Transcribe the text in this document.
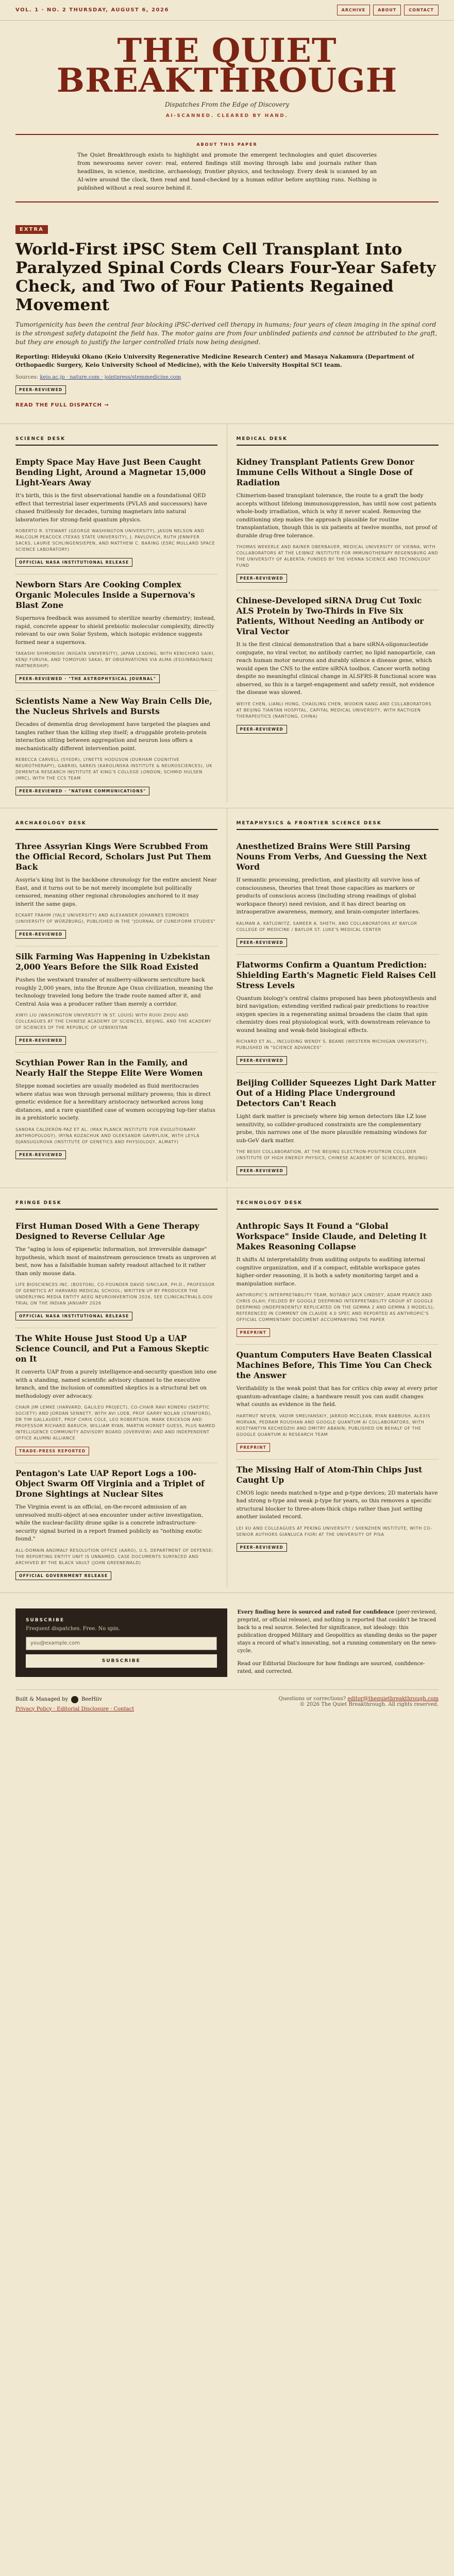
VOL. 1 · NO. 2 THURSDAY, AUGUST 6, 2026	ARCHIVE	ABOUT	CONTACT
THE QUIET
BREAKTHROUGH
Dispatches From the Edge of Discovery
AI-SCANNED. CLEARED BY HAND.
ABOUT THIS PAPER

The Quiet Breakthrough exists to highlight and promote the emergent technologies and quiet discoveries from newsrooms never cover: real, entered findings still moving through labs and journals rather than headlines, in science, medicine, archaeology, frontier physics, and technology. Every desk is scanned by an AI-wire around the clock, then read and hand-checked by a human editor before anything runs. Nothing is published without a real source behind it.

EXTRA
World-First iPSC Stem Cell Transplant Into Paralyzed Spinal Cords Clears Four-Year Safety Check, and Two of Four Patients Regained Movement

Tumorigenicity has been the central fear blocking iPSC-derived cell therapy in humans; four years of clean imaging in the spinal cord is the strongest safety datapoint the field has. The motor gains are from four unblinded patients and cannot be attributed to the graft, but they are enough to justify the larger controlled trials now being designed.

Reporting: Hideyuki Okano (Keio University Regenerative Medicine Research Center) and Masaya Nakamura (Department of Orthopaedic Surgery, Keio University School of Medicine), with the Keio University Hospital SCI team.

Sources: keio.ac.jp · nature.com · jointpress/stemmedicine.com

PEER-REVIEWED
READ THE FULL DISPATCH →
SCIENCE DESK
Empty Space May Have Just Been Caught Bending Light, Around a Magnetar 15,000 Light-Years Away

It's birth, this is the first observational handle on a foundational QED effect that terrestrial laser experiments (PVLAS and successors) have chased fruitlessly for decades, turning magnetars into natural laboratories for strong-field quantum physics.

ROBERTO R. STEWART (GEORGE WASHINGTON UNIVERSITY), JASON NELSON AND MALCOLM PEACOCK (TEXAS STATE UNIVERSITY), J. PAVLOVICH, RUTH JENNIFER SACKS, LAURIE SCHLINGENSIEPEN, AND MATTHEW C. BARING (ESRC MULLARD SPACE SCIENCE LABORATORY)
OFFICIAL NASA INSTITUTIONAL RELEASE
Newborn Stars Are Cooking Complex Organic Molecules Inside a Supernova's Blast Zone

Supernova feedback was assumed to sterilize nearby chemistry; instead, rapid, concrete appear to shield prebiotic molecular complexity, directly relevant to our own Solar System, which isotopic evidence suggests formed near a supernova.

TAKASHI SHIMONISHI (NIIGATA UNIVERSITY), JAPAN LEADING, WITH KENICHIRO SAIKI, KENJI FURUYA, AND TOMOYUKI SAKAI, BY OBSERVATIONS VIA ALMA (ESO/NRAO/NAOJ PARTNERSHIP)
PEER-REVIEWED · "THE ASTROPHYSICAL JOURNAL"
Scientists Name a New Way Brain Cells Die, the Nucleus Shrivels and Bursts

Decades of dementia drug development have targeted the plaques and tangles rather than the killing step itself; a druggable protein-protein interaction sitting between aggregation and neuron loss offers a mechanistically different intervention point.

REBECCA CARVELL (SYEDR), LYNETTE HODGSON (DURHAM COGNITIVE NEUROTHERAPY), GABRIEL SARKIS (KAROLINSKA INSTITUTE & NEUROSCIENCES), UK DEMENTIA RESEARCH INSTITUTE AT KING'S COLLEGE LONDON; SCHMID HULSEN (MRC), WITH THE CCS TEAM
PEER-REVIEWED · "NATURE COMMUNICATIONS"
MEDICAL DESK
Kidney Transplant Patients Grew Donor Immune Cells Without a Single Dose of Radiation

Chimerism-based transplant tolerance, the route to a graft the body accepts without lifelong immunosuppression, has until now cost patients whole-body irradiation, which is why it never scaled. Removing the conditioning step makes the approach plausible for routine transplantation, though this is six patients at twelve months, not proof of durable drug-free tolerance.

THOMAS WEKERLE AND RAINER OBERBAUER, MEDICAL UNIVERSITY OF VIENNA, WITH COLLABORATORS AT THE LEIBNIZ INSTITUTE FOR IMMUNOTHERAPY REGENSBURG AND THE UNIVERSITY OF ALBERTA; FUNDED BY THE VIENNA SCIENCE AND TECHNOLOGY FUND
PEER-REVIEWED
Chinese-Developed siRNA Drug Cut Toxic ALS Protein by Two-Thirds in Five Six Patients, Without Needing an Antibody or Viral Vector

It is the first clinical demonstration that a bare siRNA-oligonucleotide conjugate, no viral vector, no antibody carrier, no lipid nanoparticle, can reach human motor neurons and durably silence a disease gene, which would open the CNS to the entire siRNA toolbox. Cancer worth noting despite no meaningful clinical change in ALSFRS-R functional score was observed, so this is a target-engagement and safety result, not evidence the disease was slowed.

WEIYE CHEN, LIANLI HONG, CHAOLING CHEN, WOOKIN KANG AND COLLABORATORS AT BEIJING TIANTAN HOSPITAL, CAPITAL MEDICAL UNIVERSITY, WITH RACTIGEN THERAPEUTICS (NANTONG, CHINA)
PEER-REVIEWED
ARCHAEOLOGY DESK
Three Assyrian Kings Were Scrubbed From the Official Record, Scholars Just Put Them Back

Assyria's king list is the backbone chronology for the entire ancient Near East, and it turns out to be not merely incomplete but politically censored, meaning other regional chronologies anchored to it may inherit the same gaps.

ECKART FRAHM (YALE UNIVERSITY) AND ALEXANDER JOHANNES EDMONDS (UNIVERSITY OF WÜRZBURG), PUBLISHED IN THE "JOURNAL OF CUNEIFORM STUDIES"
PEER-REVIEWED
Silk Farming Was Happening in Uzbekistan 2,000 Years Before the Silk Road Existed

Pushes the westward transfer of mulberry-silkworm sericulture back roughly 2,000 years, into the Bronze Age Oxus civilization, meaning the technology traveled long before the trade route named after it, and Central Asia was a producer rather than merely a corridor.

XINYI LIU (WASHINGTON UNIVERSITY IN ST. LOUIS) WITH RUIXI ZHOU AND COLLEAGUES AT THE CHINESE ACADEMY OF SCIENCES, BEIJING, AND THE ACADEMY OF SCIENCES OF THE REPUBLIC OF UZBEKISTAN
PEER-REVIEWED
Scythian Power Ran in the Family, and Nearly Half the Steppe Elite Were Women

Steppe nomad societies are usually modeled as fluid meritocracies where status was won through personal military prowess; this is direct genetic evidence for a hereditary aristocracy networked across long distances, and a rare quantified case of women occupying top-tier status in a prehistoric society.

SANDRA CALDERÓN-PAZ ET AL. (MAX PLANCK INSTITUTE FOR EVOLUTIONARY ANTHROPOLOGY), IRYNA KOZACHUK AND OLEKSANDR GAVRYLIUK, WITH LEYLA DJANSUGUROVA (INSTITUTE OF GENETICS AND PHYSIOLOGY, ALMATY)
PEER-REVIEWED
METAPHYSICS & FRONTIER SCIENCE DESK
Anesthetized Brains Were Still Parsing Nouns From Verbs, And Guessing the Next Word

If semantic processing, prediction, and plasticity all survive loss of consciousness, theories that treat those capacities as markers or products of conscious access (including strong readings of global workspace theory) need revision, and it has direct bearing on intraoperative awareness, memory, and brain-computer interfaces.

KALMAN A. KATLOWITZ, SAMEER A. SHETH, AND COLLABORATORS AT BAYLOR COLLEGE OF MEDICINE / BAYLOR ST. LUKE'S MEDICAL CENTER
PEER-REVIEWED
Flatworms Confirm a Quantum Prediction: Shielding Earth's Magnetic Field Raises Cell Stress Levels

Quantum biology's central claims proposed has been photosynthesis and bird navigation; extending verified radical-pair predictions to reactive oxygen species in a regenerating animal broadens the claim that spin chemistry does real physiological work, with downstream relevance to wound healing and weak-field biological effects.

RICHARD ET AL., INCLUDING WENDY S. BEANE (WESTERN MICHIGAN UNIVERSITY), PUBLISHED IN "SCIENCE ADVANCES"
PEER-REVIEWED
Beijing Collider Squeezes Light Dark Matter Out of a Hiding Place Underground Detectors Can't Reach

Light dark matter is precisely where big xenon detectors like LZ lose sensitivity, so collider-produced constraints are the complementary probe, this narrows one of the more plausible remaining windows for sub-GeV dark matter.

THE BESIII COLLABORATION, AT THE BEIJING ELECTRON-POSITRON COLLIDER (INSTITUTE OF HIGH ENERGY PHYSICS, CHINESE ACADEMY OF SCIENCES, BEIJING)
PEER-REVIEWED
FRINGE DESK
First Human Dosed With a Gene Therapy Designed to Reverse Cellular Age

The "aging is loss of epigenetic information, not irreversible damage" hypothesis, which most of mainstream geroscience treats as unproven at best, now has a falsifiable human safety readout attached to it rather than only mouse data.

LIFE BIOSCIENCES INC. (BOSTON), CO-FOUNDER DAVID SINCLAIR, PH.D., PROFESSOR OF GENETICS AT HARVARD MEDICAL SCHOOL; WRITTEN UP BY PRODUCER THE UNDERLYING MEDIA ENTITY AEEG NEUROINVENTION 2026, SEE CLINICALTRIALS.GOV TRIAL ON THE INDIAN JANUARY 2026
OFFICIAL NASA INSTITUTIONAL RELEASE
The White House Just Stood Up a UAP Science Council, and Put a Famous Skeptic on It

It converts UAP from a purely intelligence-and-security question into one with a standing, named scientific advisory channel to the executive branch, and the inclusion of committed skeptics is a structural bet on methodology over advocacy.

CHAIR JIM LEMKE (HARVARD, GALILEO PROJECT), CO-CHAIR RAVI KONERU (SKEPTIC SOCIETY) AND JORDAN SENNETT, WITH AVI LOEB, PROF GARRY NOLAN (STANFORD), DR TIM GALLAUDET, PROF CHRIS COLE, LEO ROBERTSON, MARK ERICKSON AND PROFESSOR RICHARD BARUCH, WILLIAM RYAN, MARTIN HORNET GUESS, PLUS NAMED INTELLIGENCE COMMUNITY ADVISORY BOARD (OVERVIEW) AND AND INDEPENDENT OFFICE ALUMNI ALLIANCE
TRADE-PRESS REPORTED
Pentagon's Late UAP Report Logs a 100-Object Swarm Off Virginia and a Triplet of Drone Sightings at Nuclear Sites

The Virginia event is an official, on-the-record admission of an unresolved multi-object at-sea encounter under active investigation, while the nuclear-facility drone spike is a concrete infrastructure-security signal buried in a report framed publicly as "nothing exotic found."

ALL-DOMAIN ANOMALY RESOLUTION OFFICE (AARO), U.S. DEPARTMENT OF DEFENSE; THE REPORTING ENTITY UNIT IS UNNAMED, CASE DOCUMENTS SURFACED AND ARCHIVED BY THE BLACK VAULT (JOHN GREENEWALD)
OFFICIAL GOVERNMENT RELEASE
TECHNOLOGY DESK
Anthropic Says It Found a "Global Workspace" Inside Claude, and Deleting It Makes Reasoning Collapse

It shifts AI interpretability from auditing outputs to auditing internal cognitive organization, and if a compact, editable workspace gates higher-order reasoning, it is both a safety monitoring target and a manipulation surface.

ANTHROPIC'S INTERPRETABILITY TEAM, NOTABLY JACK LINDSEY, ADAM PEARCE AND CHRIS OLAH; FIELDED BY GOOGLE DEEPMIND INTERPRETABILITY GROUP AT GOOGLE DEEPMIND (INDEPENDENTLY REPLICATED ON THE GEMMA 2 AND GEMMA 3 MODELS); REFERENCED IN COMMENT ON CLAUDE 4.0 SPEC AND REPORTED AS ANTHROPIC'S OFFICIAL COMMENTARY DOCUMENT ACCOMPANYING THE PAPER
PREPRINT
Quantum Computers Have Beaten Classical Machines Before, This Time You Can Check the Answer

Verifiability is the weak point that has for critics chip away at every prior quantum-advantage claim; a hardware result you can audit changes what counts as evidence in the field.

HARTMUT NEVEN, VADIM SMELYANSKIY, JARROD MCCLEAN, RYAN BABBUSH, ALEXIS MORVAN, PEDRAM ROUSHAN AND GOOGLE QUANTUM AI COLLABORATORS, WITH KOSTYANTYN KECHEDZHI AND DMITRY ABANIN; PUBLISHED ON BEHALF OF THE GOOGLE QUANTUM AI RESEARCH TEAM
PREPRINT
The Missing Half of Atom-Thin Chips Just Caught Up

CMOS logic needs matched n-type and p-type devices; 2D materials have had strong n-type and weak p-type for years, so this removes a specific structural blocker to three-atom-thick chips rather than just setting another isolated record.

LEI XU AND COLLEAGUES AT PEKING UNIVERSITY / SHENZHEN INSTITUTE, WITH CO-SENIOR AUTHORS GIANLUCA FIORI AT THE UNIVERSITY OF PISA
PEER-REVIEWED
SUBSCRIBE

Frequent dispatches. Free. No spin.

you@example.com
SUBSCRIBE

Every finding here is sourced and rated for confidence (peer-reviewed, preprint, or official release), and nothing is reported that couldn't be traced back to a real source. Selected for significance, not ideology: this publication dropped Military and Geopolitics as standing desks so the paper stays a record of what's innovating, not a running commentary on the news-cycle.

Read our Editorial Disclosure for how findings are sourced, confidence-rated, and corrected.

Built & Managed by	BeeHiiv
Privacy Policy · Editorial Disclosure · Contact
Questions or corrections? editor@thequietbreakthrough.com
© 2026 The Quiet Breakthrough. All rights reserved.
